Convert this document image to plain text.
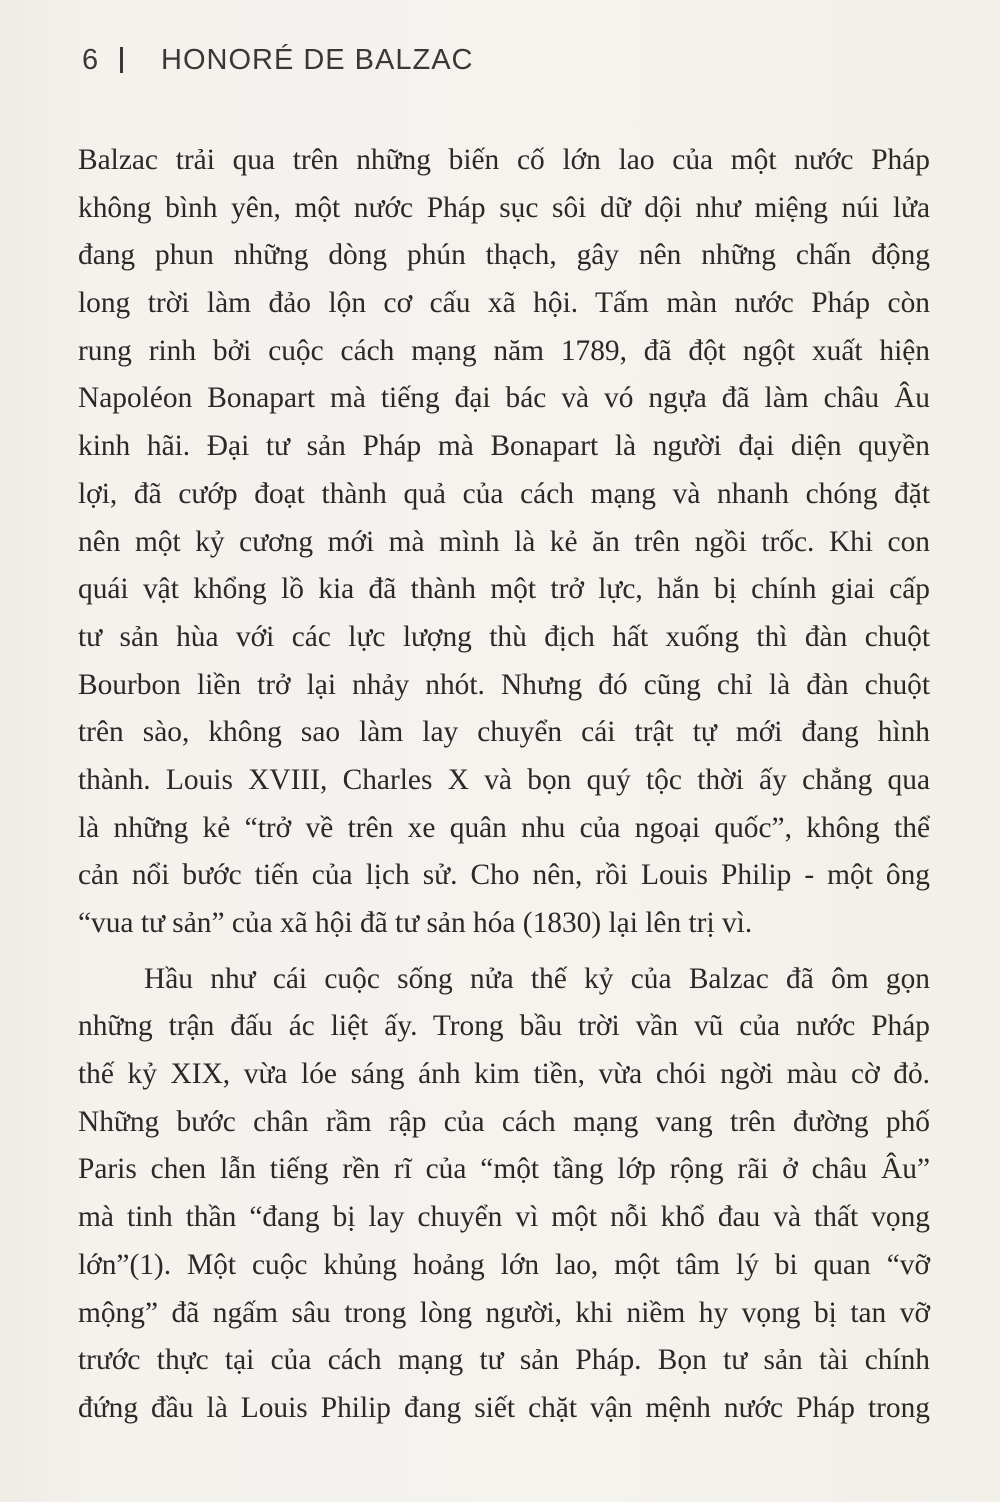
6	HONORÉ DE BALZAC
Balzac trải qua trên những biến cố lớn lao của một nước Pháp
không bình yên, một nước Pháp sục sôi dữ dội như miệng núi lửa
đang phun những dòng phún thạch, gây nên những chấn động
long trời làm đảo lộn cơ cấu xã hội. Tấm màn nước Pháp còn
rung rinh bởi cuộc cách mạng năm 1789, đã đột ngột xuất hiện
Napoléon Bonapart mà tiếng đại bác và vó ngựa đã làm châu Âu
kinh hãi. Đại tư sản Pháp mà Bonapart là người đại diện quyền
lợi, đã cướp đoạt thành quả của cách mạng và nhanh chóng đặt
nên một kỷ cương mới mà mình là kẻ ăn trên ngồi trốc. Khi con
quái vật khổng lồ kia đã thành một trở lực, hắn bị chính giai cấp
tư sản hùa với các lực lượng thù địch hất xuống thì đàn chuột
Bourbon liền trở lại nhảy nhót. Nhưng đó cũng chỉ là đàn chuột
trên sào, không sao làm lay chuyển cái trật tự mới đang hình
thành. Louis XVIII, Charles X và bọn quý tộc thời ấy chẳng qua
là những kẻ “trở về trên xe quân nhu của ngoại quốc”, không thể
cản nổi bước tiến của lịch sử. Cho nên, rồi Louis Philip - một ông
“vua tư sản” của xã hội đã tư sản hóa (1830) lại lên trị vì.
Hầu như cái cuộc sống nửa thế kỷ của Balzac đã ôm gọn
những trận đấu ác liệt ấy. Trong bầu trời vần vũ của nước Pháp
thế kỷ XIX, vừa lóe sáng ánh kim tiền, vừa chói ngời màu cờ đỏ.
Những bước chân rầm rập của cách mạng vang trên đường phố
Paris chen lẫn tiếng rền rĩ của “một tầng lớp rộng rãi ở châu Âu”
mà tinh thần “đang bị lay chuyển vì một nỗi khổ đau và thất vọng
lớn”(1). Một cuộc khủng hoảng lớn lao, một tâm lý bi quan “vỡ
mộng” đã ngấm sâu trong lòng người, khi niềm hy vọng bị tan vỡ
trước thực tại của cách mạng tư sản Pháp. Bọn tư sản tài chính
đứng đầu là Louis Philip đang siết chặt vận mệnh nước Pháp trong
